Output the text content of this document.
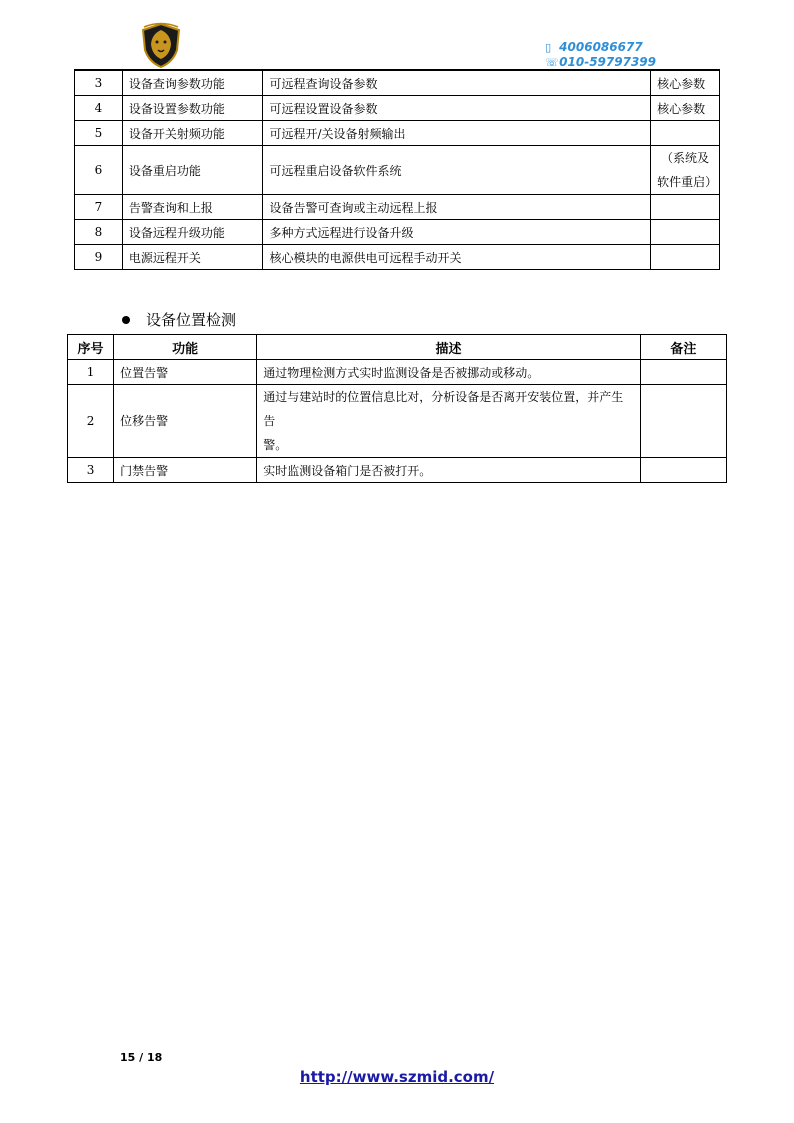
▯ 4006086677
☏ 010-59797399
3	设备查询参数功能	可远程查询设备参数	核心参数
4	设备设置参数功能	可远程设置设备参数	核心参数
5	设备开关射频功能	可远程开/关设备射频输出	
6	设备重启功能	可远程重启设备软件系统	（系统及
软件重启）

7	告警查询和上报	设备告警可查询或主动远程上报	
8	设备远程升级功能	多种方式远程进行设备升级	
9	电源远程开关	核心模块的电源供电可远程手动开关	
设备位置检测
序号	功能	描述	备注
1	位置告警	通过物理检测方式实时监测设备是否被挪动或移动。	
2	位移告警	通过与建站时的位置信息比对，分析设备是否离开安装位置，并产生告
警。	

3	门禁告警	实时监测设备箱门是否被打开。	
15 / 18
http://www.szmid.com/
